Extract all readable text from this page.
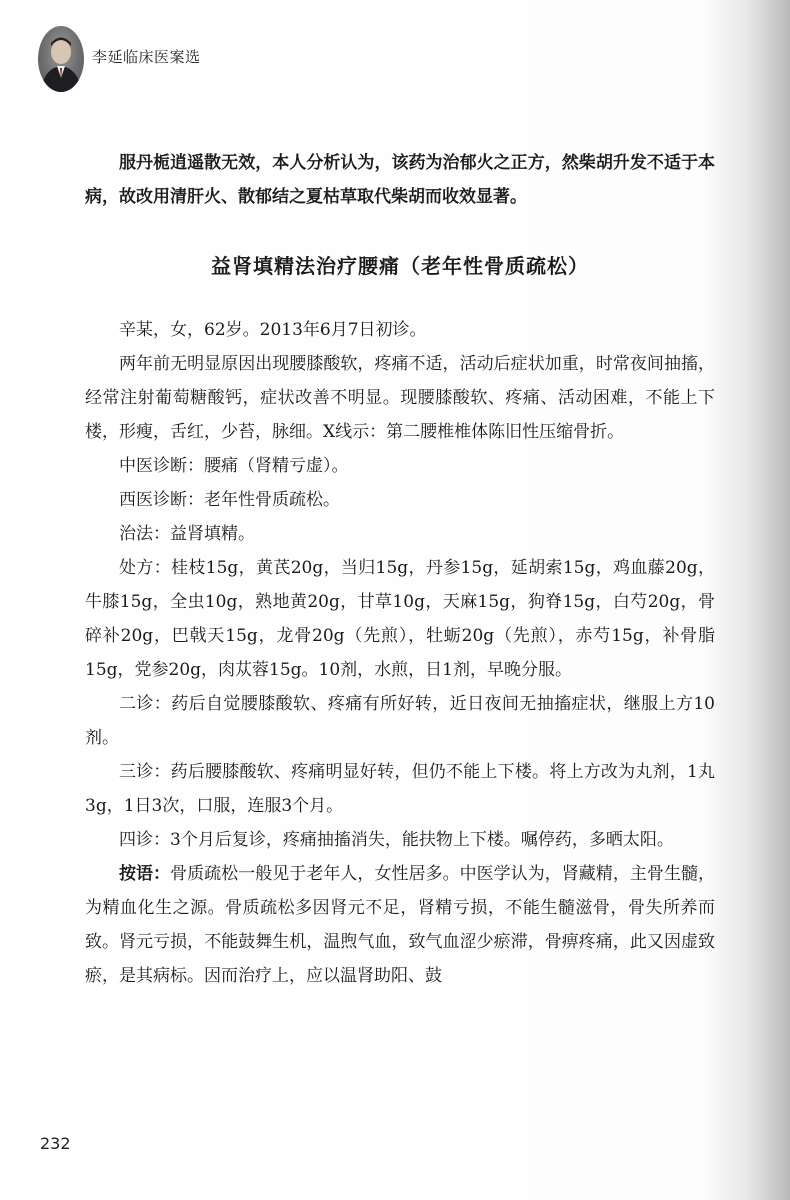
李延临床医案选

服丹栀逍遥散无效，本人分析认为，该药为治郁火之正方，然柴胡升发不适于本病，故改用清肝火、散郁结之夏枯草取代柴胡而收效显著。

益肾填精法治疗腰痛（老年性骨质疏松）

辛某，女，62岁。2013年6月7日初诊。

两年前无明显原因出现腰膝酸软，疼痛不适，活动后症状加重，时常夜间抽搐，经常注射葡萄糖酸钙，症状改善不明显。现腰膝酸软、疼痛、活动困难，不能上下楼，形瘦，舌红，少苔，脉细。X线示：第二腰椎椎体陈旧性压缩骨折。

中医诊断：腰痛（肾精亏虚）。

西医诊断：老年性骨质疏松。

治法：益肾填精。

处方：桂枝15g，黄芪20g，当归15g，丹参15g，延胡索15g，鸡血藤20g，牛膝15g，全虫10g，熟地黄20g，甘草10g，天麻15g，狗脊15g，白芍20g，骨碎补20g，巴戟天15g，龙骨20g（先煎），牡蛎20g（先煎），赤芍15g，补骨脂15g，党参20g，肉苁蓉15g。10剂，水煎，日1剂，早晚分服。

二诊：药后自觉腰膝酸软、疼痛有所好转，近日夜间无抽搐症状，继服上方10剂。

三诊：药后腰膝酸软、疼痛明显好转，但仍不能上下楼。将上方改为丸剂，1丸3g，1日3次，口服，连服3个月。

四诊：3个月后复诊，疼痛抽搐消失，能扶物上下楼。嘱停药，多晒太阳。

按语：骨质疏松一般见于老年人，女性居多。中医学认为，肾藏精，主骨生髓，为精血化生之源。骨质疏松多因肾元不足，肾精亏损，不能生髓滋骨，骨失所养而致。肾元亏损，不能鼓舞生机，温煦气血，致气血涩少瘀滞，骨痹疼痛，此又因虚致瘀，是其病标。因而治疗上，应以温肾助阳、鼓

232
